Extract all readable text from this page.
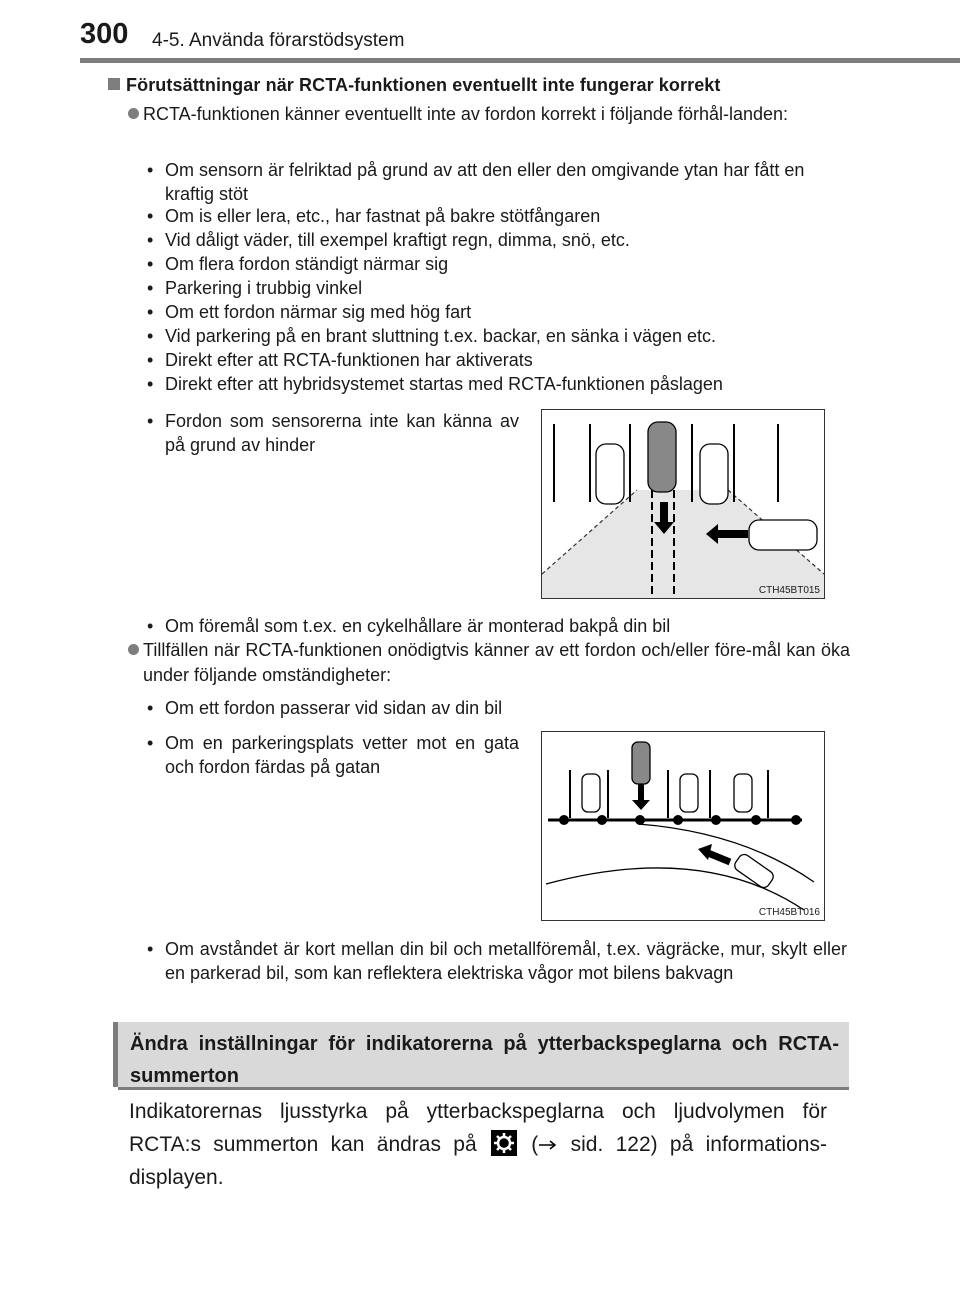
300 4-5. Använda förarstödsystem
Förutsättningar när RCTA-funktionen eventuellt inte fungerar korrekt
RCTA-funktionen känner eventuellt inte av fordon korrekt i följande förhål-landen:
• Om sensorn är felriktad på grund av att den eller den omgivande ytan har fått en kraftig stöt
• Om is eller lera, etc., har fastnat på bakre stötfångaren
• Vid dåligt väder, till exempel kraftigt regn, dimma, snö, etc.
• Om flera fordon ständigt närmar sig
• Parkering i trubbig vinkel
• Om ett fordon närmar sig med hög fart
• Vid parkering på en brant sluttning t.ex. backar, en sänka i vägen etc.
• Direkt efter att RCTA-funktionen har aktiverats
• Direkt efter att hybridsystemet startas med RCTA-funktionen påslagen
• Fordon som sensorerna inte kan känna av på grund av hinder
CTH45BT015
• Om föremål som t.ex. en cykelhållare är monterad bakpå din bil
Tillfällen när RCTA-funktionen onödigtvis känner av ett fordon och/eller före-mål kan öka under följande omständigheter:
• Om ett fordon passerar vid sidan av din bil
• Om en parkeringsplats vetter mot en gata och fordon färdas på gatan
CTH45BT016
• Om avståndet är kort mellan din bil och metallföremål, t.ex. vägräcke, mur, skylt eller en parkerad bil, som kan reflektera elektriska vågor mot bilens bakvagn
Ändra inställningar för indikatorerna på ytterbackspeglarna och RCTA-summerton
Indikatorernas ljusstyrka på ytterbackspeglarna och ljudvolymen för RCTA:s summerton kan ändras på	( sid. 122) på informations-displayen.
